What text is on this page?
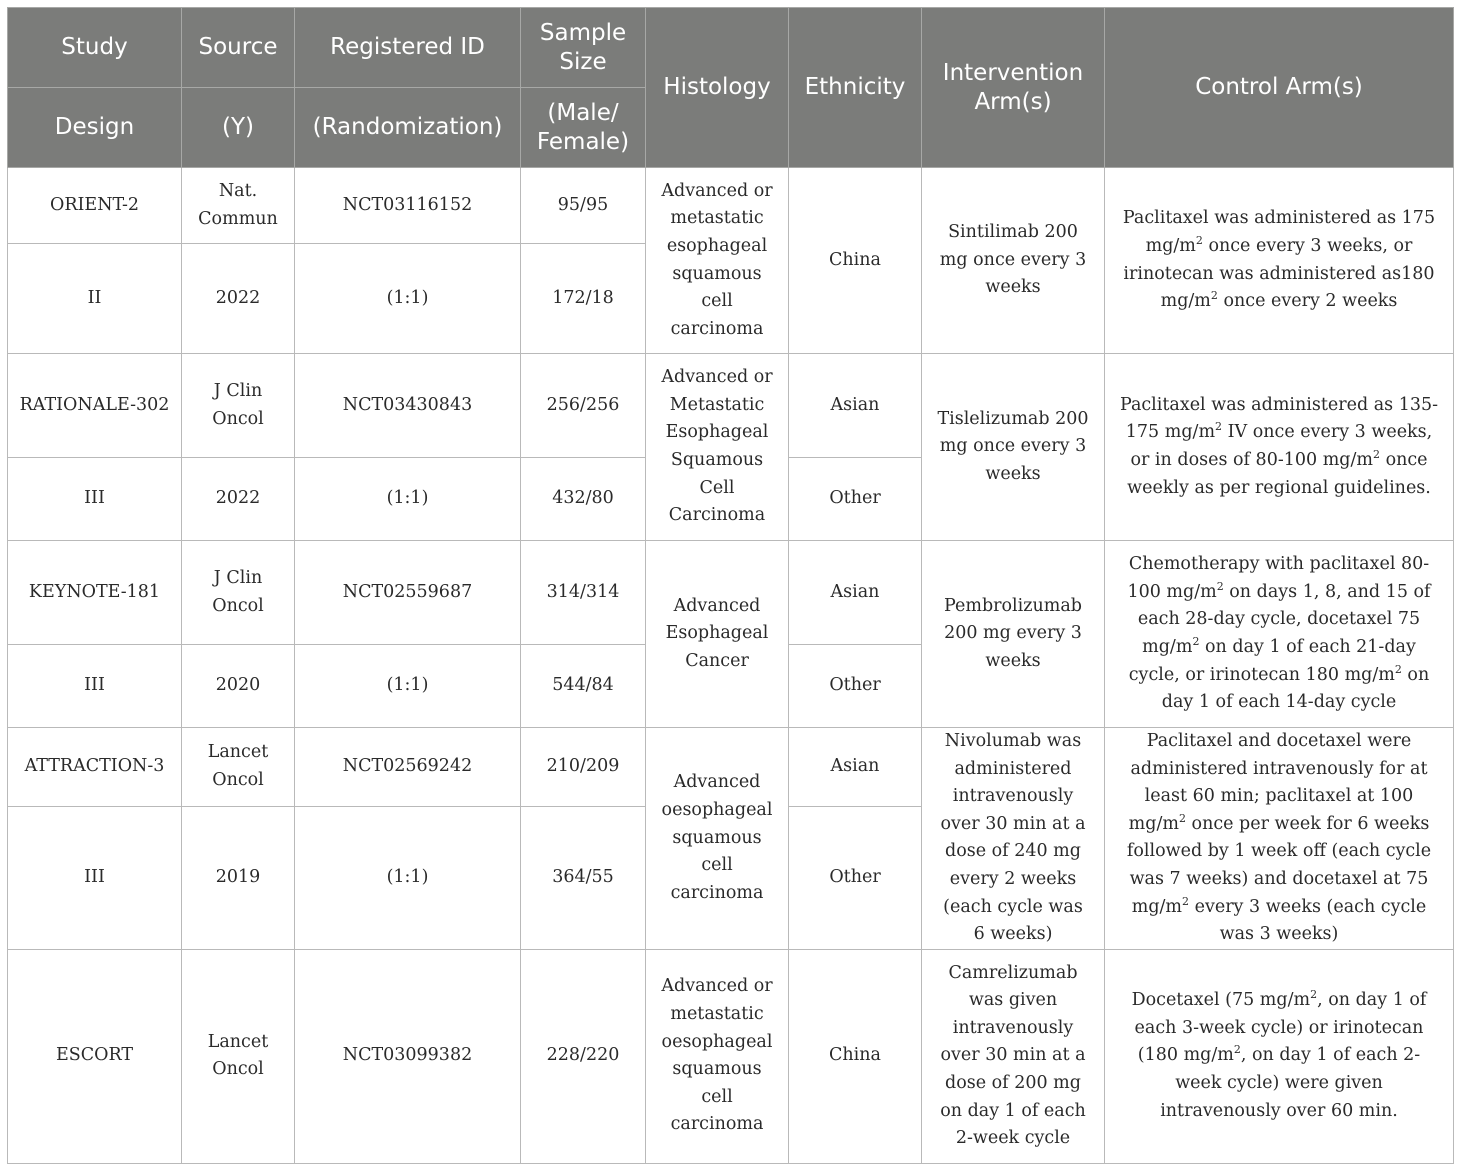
Study	Source	Registered ID	Sample Size	Histology	Ethnicity	Intervention Arm(s)	Control Arm(s)
Design	(Y)	(Randomization)	(Male/ Female)				
ORIENT-2	Nat. Commun	NCT03116152	95/95	Advanced or metastatic esophageal squamous cell carcinoma	China	Sintilimab 200 mg once every 3 weeks	Paclitaxel was administered as 175 $mg/m^2$ once every 3 weeks, or irinotecan was administered as180 $mg/m^2$ once every 2 weeks
II	2022	(1:1)	172/18				
RATIONALE-302	J Clin Oncol	NCT03430843	256/256	Advanced or Metastatic Esophageal Squamous Cell Carcinoma	Asian	Tislelizumab 200 mg once every 3 weeks	Paclitaxel was administered as 135-175 $mg/m^2$ IV once every 3 weeks, or in doses of 80-100 $mg/m^2$ once weekly as per regional guidelines.
III	2022	(1:1)	432/80		Other		
KEYNOTE-181	J Clin Oncol	NCT02559687	314/314	Advanced Esophageal Cancer	Asian	Pembrolizumab 200 mg every 3 weeks	Chemotherapy with paclitaxel 80-100 $mg/m^2$ on days 1, 8, and 15 of each 28-day cycle, docetaxel 75 $mg/m^2$ on day 1 of each 21-day cycle, or irinotecan 180 $mg/m^2$ on day 1 of each 14-day cycle
III	2020	(1:1)	544/84		Other		
ATTRACTION-3	Lancet Oncol	NCT02569242	210/209	Advanced oesophageal squamous cell carcinoma	Asian	Nivolumab was administered intravenously over 30 min at a dose of 240 mg every 2 weeks (each cycle was 6 weeks)	Paclitaxel and docetaxel were administered intravenously for at least 60 min; paclitaxel at 100 $mg/m^2$ once per week for 6 weeks followed by 1 week off (each cycle was 7 weeks) and docetaxel at 75 $mg/m^2$ every 3 weeks (each cycle was 3 weeks)
III	2019	(1:1)	364/55		Other		
ESCORT	Lancet Oncol	NCT03099382	228/220	Advanced or metastatic oesophageal squamous cell carcinoma	China	Camrelizumab was given intravenously over 30 min at a dose of 200 mg on day 1 of each 2-week cycle	Docetaxel (75 $mg/m^2$, on day 1 of each 3-week cycle) or irinotecan (180 $mg/m^2$, on day 1 of each 2-week cycle) were given intravenously over 60 min.
